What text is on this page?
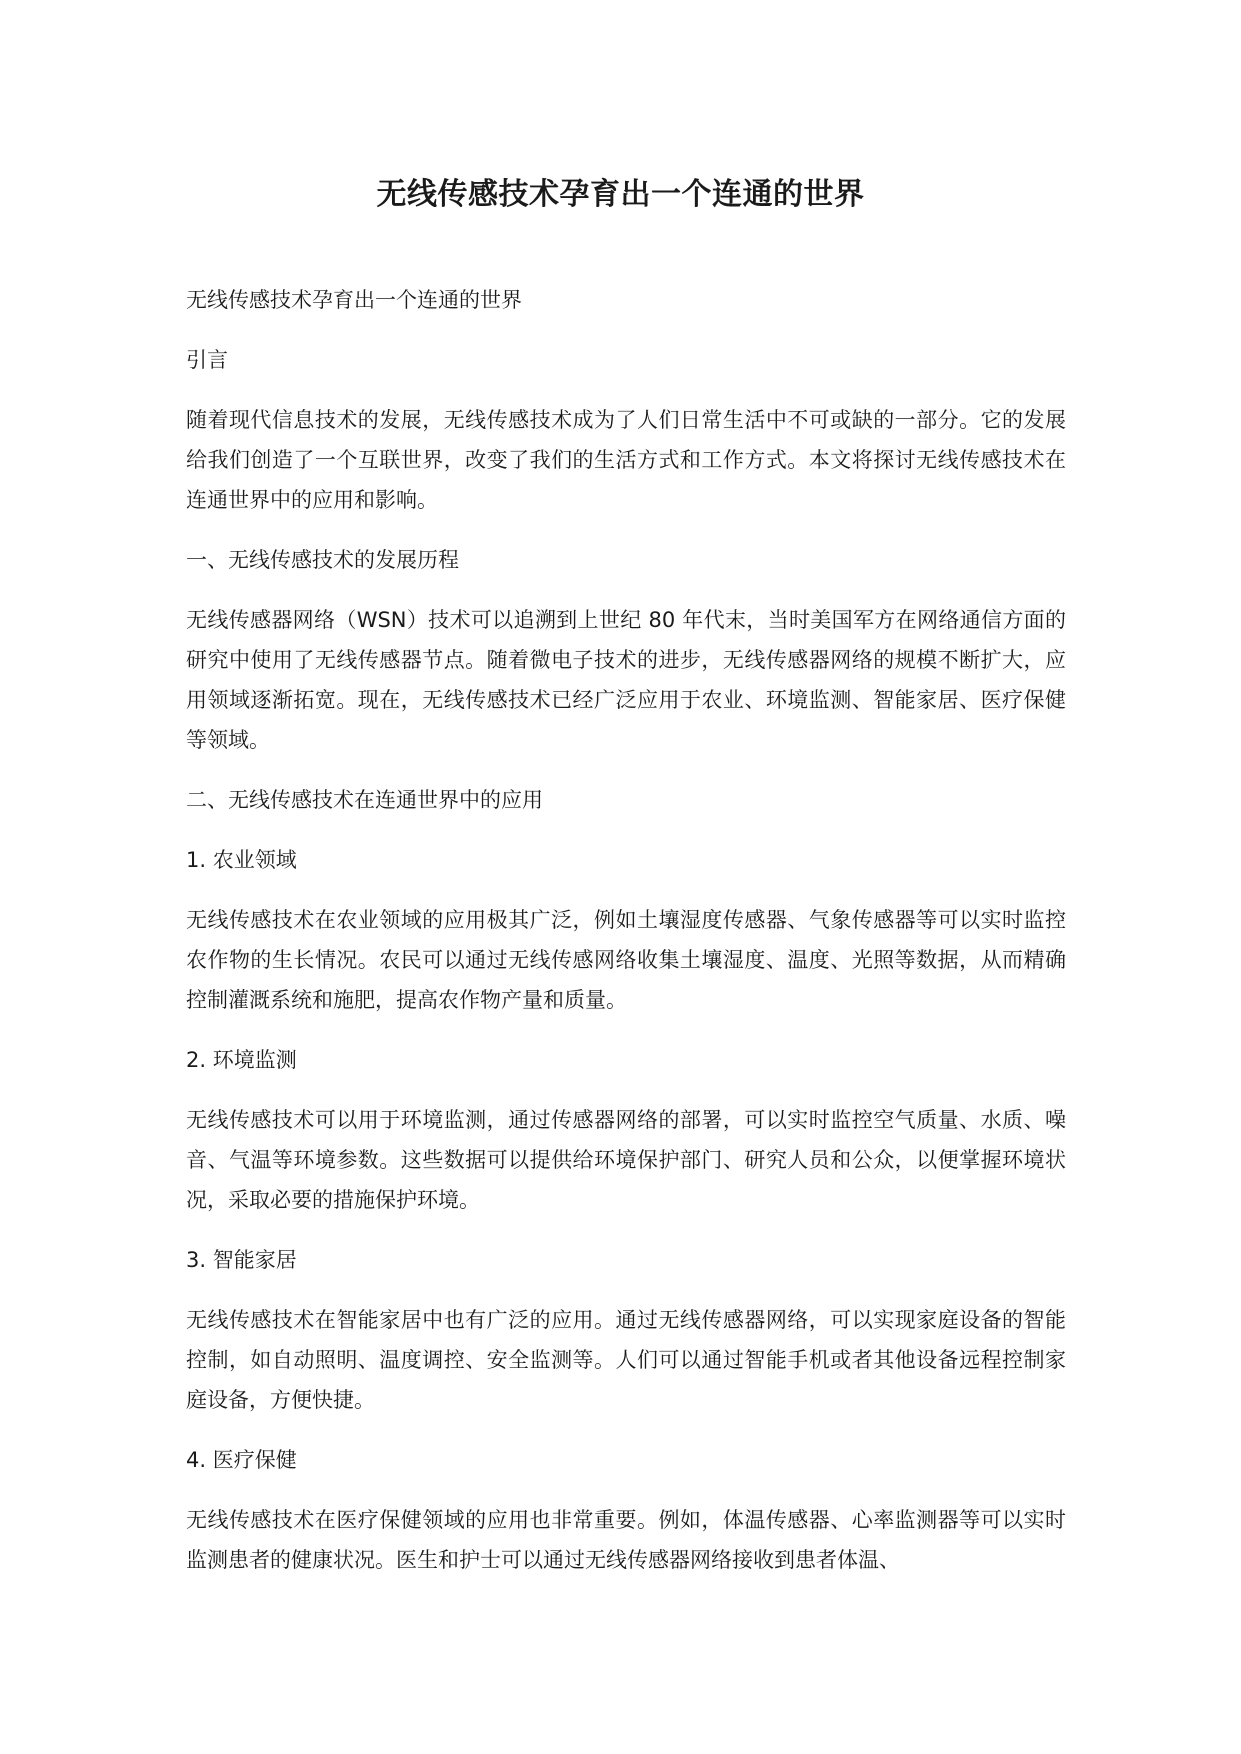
无线传感技术孕育出一个连通的世界

无线传感技术孕育出一个连通的世界

引言

随着现代信息技术的发展，无线传感技术成为了人们日常生活中不可或缺的一部分。它的发展给我们创造了一个互联世界，改变了我们的生活方式和工作方式。本文将探讨无线传感技术在连通世界中的应用和影响。

一、无线传感技术的发展历程

无线传感器网络（WSN）技术可以追溯到上世纪 80 年代末，当时美国军方在网络通信方面的研究中使用了无线传感器节点。随着微电子技术的进步，无线传感器网络的规模不断扩大，应用领域逐渐拓宽。现在，无线传感技术已经广泛应用于农业、环境监测、智能家居、医疗保健等领域。

二、无线传感技术在连通世界中的应用

1. 农业领域

无线传感技术在农业领域的应用极其广泛，例如土壤湿度传感器、气象传感器等可以实时监控农作物的生长情况。农民可以通过无线传感网络收集土壤湿度、温度、光照等数据，从而精确控制灌溉系统和施肥，提高农作物产量和质量。

2. 环境监测

无线传感技术可以用于环境监测，通过传感器网络的部署，可以实时监控空气质量、水质、噪音、气温等环境参数。这些数据可以提供给环境保护部门、研究人员和公众，以便掌握环境状况，采取必要的措施保护环境。

3. 智能家居

无线传感技术在智能家居中也有广泛的应用。通过无线传感器网络，可以实现家庭设备的智能控制，如自动照明、温度调控、安全监测等。人们可以通过智能手机或者其他设备远程控制家庭设备，方便快捷。

4. 医疗保健

无线传感技术在医疗保健领域的应用也非常重要。例如，体温传感器、心率监测器等可以实时监测患者的健康状况。医生和护士可以通过无线传感器网络接收到患者体温、
